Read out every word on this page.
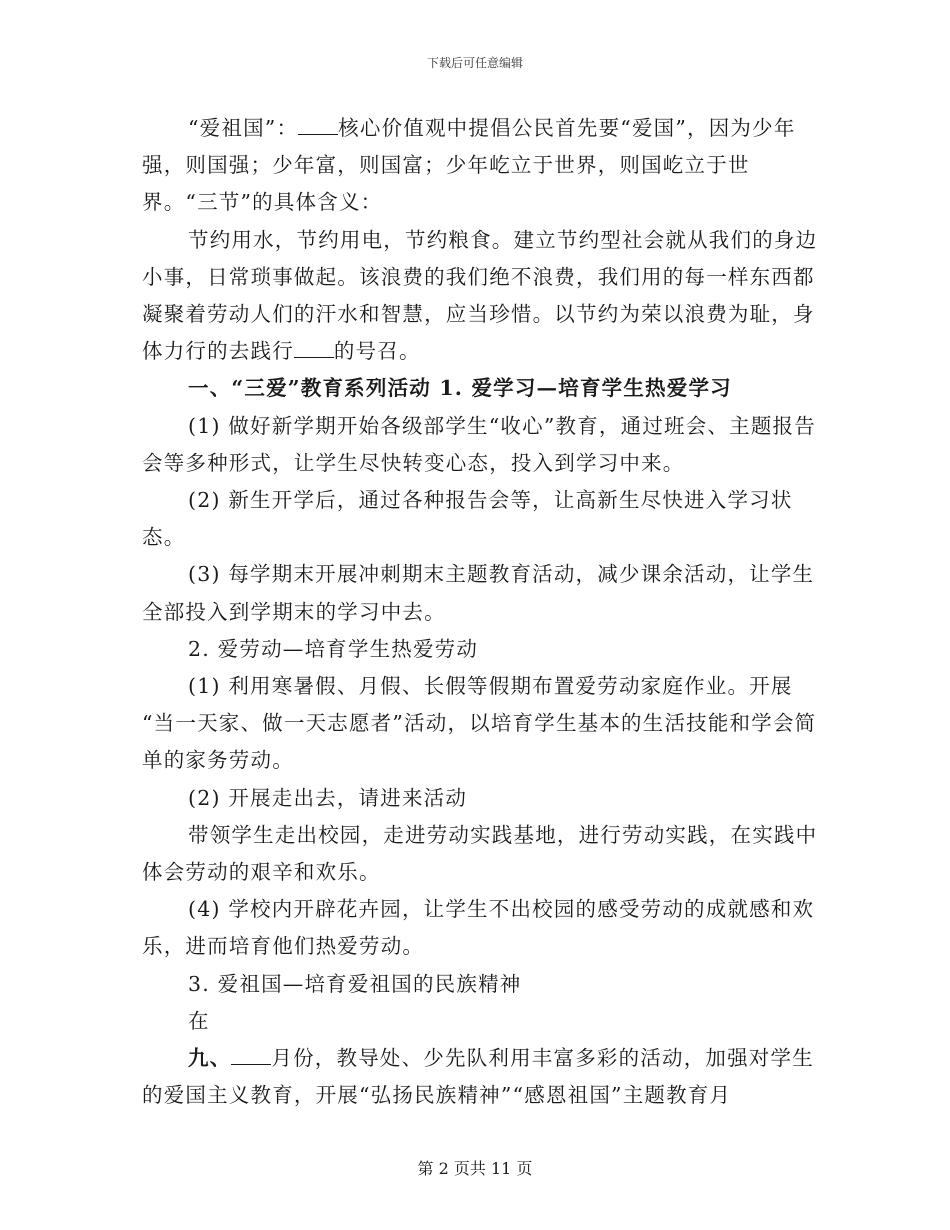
下载后可任意编辑

“爱祖国”： 核心价值观中提倡公民首先要“爱国”，因为少年强，则国强；少年富，则国富；少年屹立于世界，则国屹立于世界。“三节”的具体含义：

节约用水，节约用电，节约粮食。建立节约型社会就从我们的身边小事，日常琐事做起。该浪费的我们绝不浪费，我们用的每一样东西都凝聚着劳动人们的汗水和智慧，应当珍惜。以节约为荣以浪费为耻，身体力行的去践行 的号召。

一、“三爱”教育系列活动 1. 爱学习—培育学生热爱学习

(1) 做好新学期开始各级部学生“收心”教育，通过班会、主题报告会等多种形式，让学生尽快转变心态，投入到学习中来。

(2) 新生开学后，通过各种报告会等，让高新生尽快进入学习状态。

(3) 每学期末开展冲刺期末主题教育活动，减少课余活动，让学生全部投入到学期末的学习中去。

2. 爱劳动—培育学生热爱劳动

(1) 利用寒暑假、月假、长假等假期布置爱劳动家庭作业。开展

“当一天家、做一天志愿者”活动，以培育学生基本的生活技能和学会简单的家务劳动。

(2) 开展走出去，请进来活动

带领学生走出校园，走进劳动实践基地，进行劳动实践，在实践中体会劳动的艰辛和欢乐。

(4) 学校内开辟花卉园，让学生不出校园的感受劳动的成就感和欢乐，进而培育他们热爱劳动。

3. 爱祖国—培育爱祖国的民族精神

在

九、 月份，教导处、少先队利用丰富多彩的活动，加强对学生的爱国主义教育，开展“弘扬民族精神”“感恩祖国”主题教育月

第 2 页共 11 页
